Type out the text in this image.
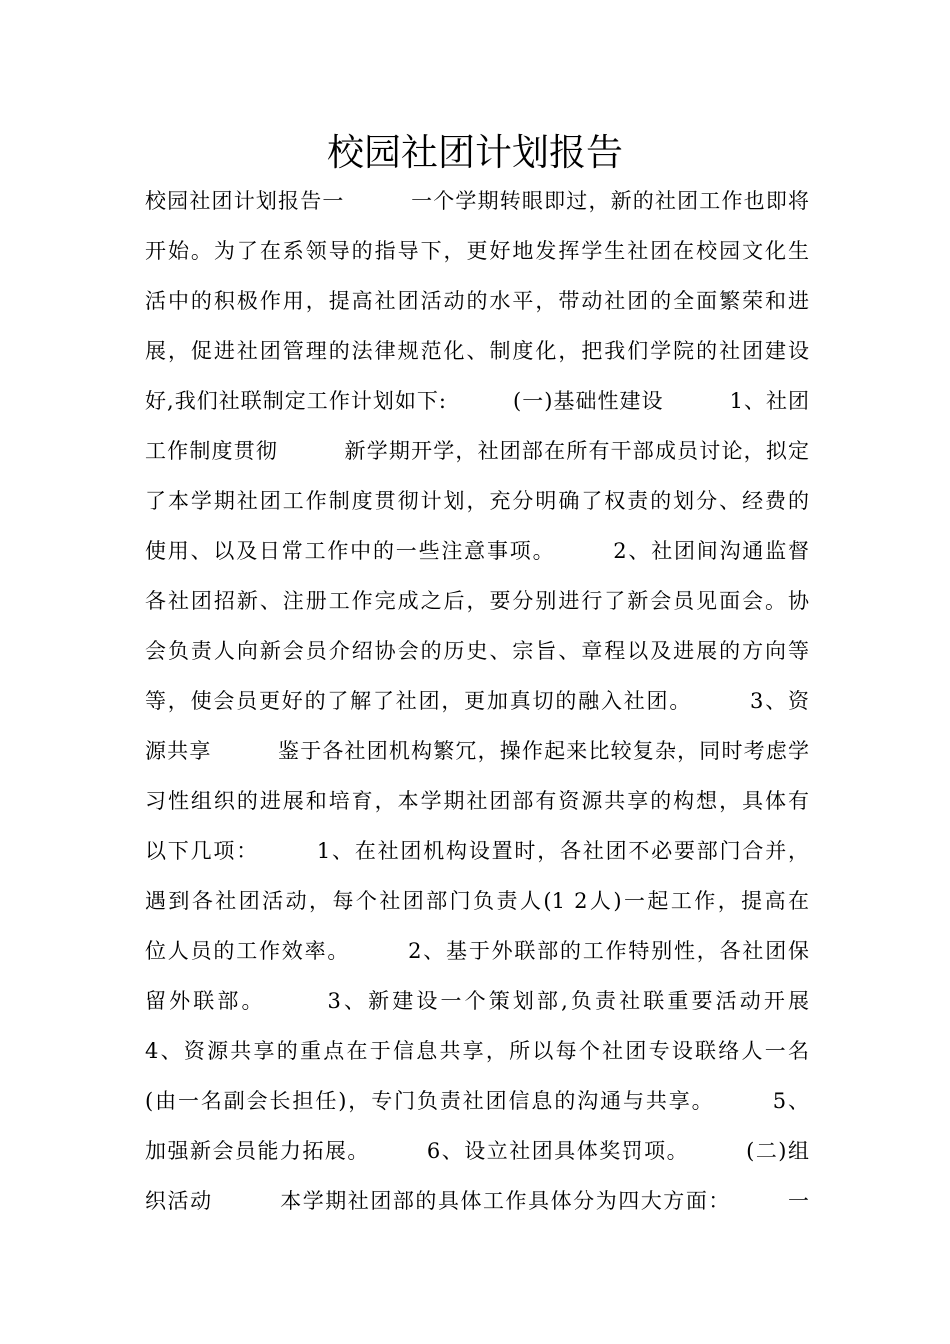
校园社团计划报告
校园社团计划报告一　　　一个学期转眼即过，新的社团工作也即将
开始。为了在系领导的指导下，更好地发挥学生社团在校园文化生
活中的积极作用，提高社团活动的水平，带动社团的全面繁荣和进
展，促进社团管理的法律规范化、制度化，把我们学院的社团建设
好,我们社联制定工作计划如下:　　　(一)基础性建设　　　1、社团
工作制度贯彻　　　新学期开学，社团部在所有干部成员讨论，拟定
了本学期社团工作制度贯彻计划，充分明确了权责的划分、经费的
使用、以及日常工作中的一些注意事项。　　　2、社团间沟通监督
各社团招新、注册工作完成之后，要分别进行了新会员见面会。协
会负责人向新会员介绍协会的历史、宗旨、章程以及进展的方向等
等，使会员更好的了解了社团，更加真切的融入社团。　　　3、资
源共享　　　鉴于各社团机构繁冗，操作起来比较复杂，同时考虑学
习性组织的进展和培育，本学期社团部有资源共享的构想，具体有
以下几项：　　　1、在社团机构设置时，各社团不必要部门合并，
遇到各社团活动，每个社团部门负责人(1 2人)一起工作，提高在
位人员的工作效率。　　　2、基于外联部的工作特别性，各社团保
留外联部。　　　3、新建设一个策划部,负责社联重要活动开展
4、资源共享的重点在于信息共享，所以每个社团专设联络人一名
(由一名副会长担任)，专门负责社团信息的沟通与共享。　　　5、
加强新会员能力拓展。　　　6、设立社团具体奖罚项。　　　(二)组
织活动　　　本学期社团部的具体工作具体分为四大方面：　　　一
